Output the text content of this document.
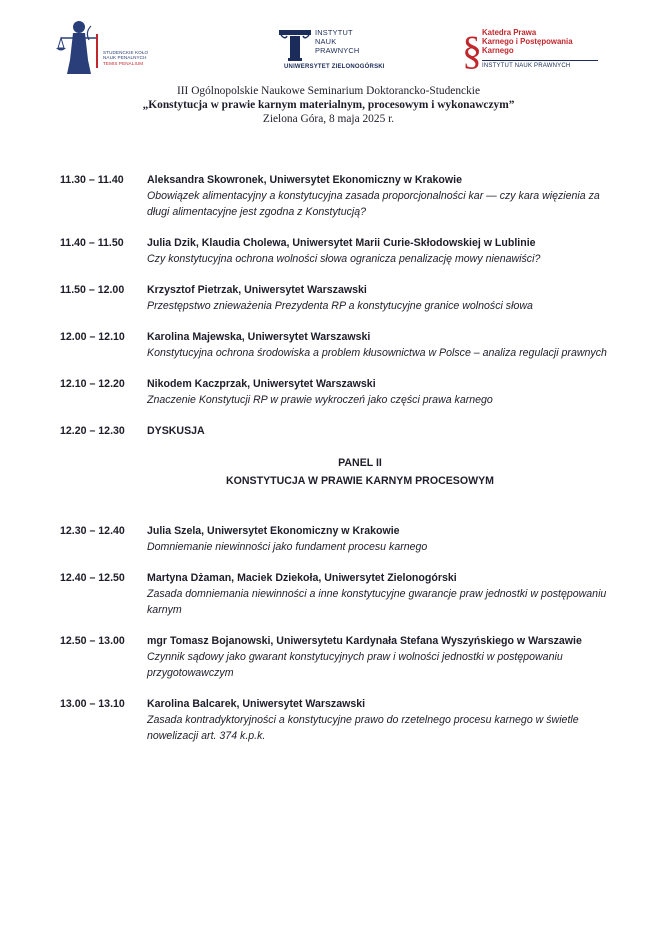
STUDENCKIE KOŁO
NAUK PENALNYCH
TEMIS PENALIUM
INSTYTUT
NAUK
PRAWNYCH
UNIWERSYTET ZIELONOGÓRSKI § Katedra Prawa
Karnego i Postępowania
Karnego
INSTYTUT NAUK PRAWNYCH
III Ogólnopolskie Naukowe Seminarium Doktorancko-Studenckie
„Konstytucja w prawie karnym materialnym, procesowym i wykonawczym”
Zielona Góra, 8 maja 2025 r.
11.30 – 11.40	Aleksandra Skowronek, Uniwersytet Ekonomiczny w Krakowie
Obowiązek alimentacyjny a konstytucyjna zasada proporcjonalności kar — czy kara więzienia za długi alimentacyjne jest zgodna z Konstytucją?
11.40 – 11.50	Julia Dzik, Klaudia Cholewa, Uniwersytet Marii Curie-Skłodowskiej w Lublinie
Czy konstytucyjna ochrona wolności słowa ogranicza penalizację mowy nienawiści?
11.50 – 12.00	Krzysztof Pietrzak, Uniwersytet Warszawski
Przestępstwo znieważenia Prezydenta RP a konstytucyjne granice wolności słowa
12.00 – 12.10	Karolina Majewska, Uniwersytet Warszawski
Konstytucyjna ochrona środowiska a problem kłusownictwa w Polsce – analiza regulacji prawnych
12.10 – 12.20	Nikodem Kaczprzak, Uniwersytet Warszawski
Znaczenie Konstytucji RP w prawie wykroczeń jako części prawa karnego
12.20 – 12.30	DYSKUSJA
PANEL II
KONSTYTUCJA W PRAWIE KARNYM PROCESOWYM
12.30 – 12.40	Julia Szela, Uniwersytet Ekonomiczny w Krakowie
Domniemanie niewinności jako fundament procesu karnego
12.40 – 12.50	Martyna Dżaman, Maciek Dziekoła, Uniwersytet Zielonogórski
Zasada domniemania niewinności a inne konstytucyjne gwarancje praw jednostki w postępowaniu karnym
12.50 – 13.00	mgr Tomasz Bojanowski, Uniwersytetu Kardynała Stefana Wyszyńskiego w Warszawie
Czynnik sądowy jako gwarant konstytucyjnych praw i wolności jednostki w postępowaniu przygotowawczym
13.00 – 13.10	Karolina Balcarek, Uniwersytet Warszawski
Zasada kontradyktoryjności a konstytucyjne prawo do rzetelnego procesu karnego w świetle nowelizacji art. 374 k.p.k.
